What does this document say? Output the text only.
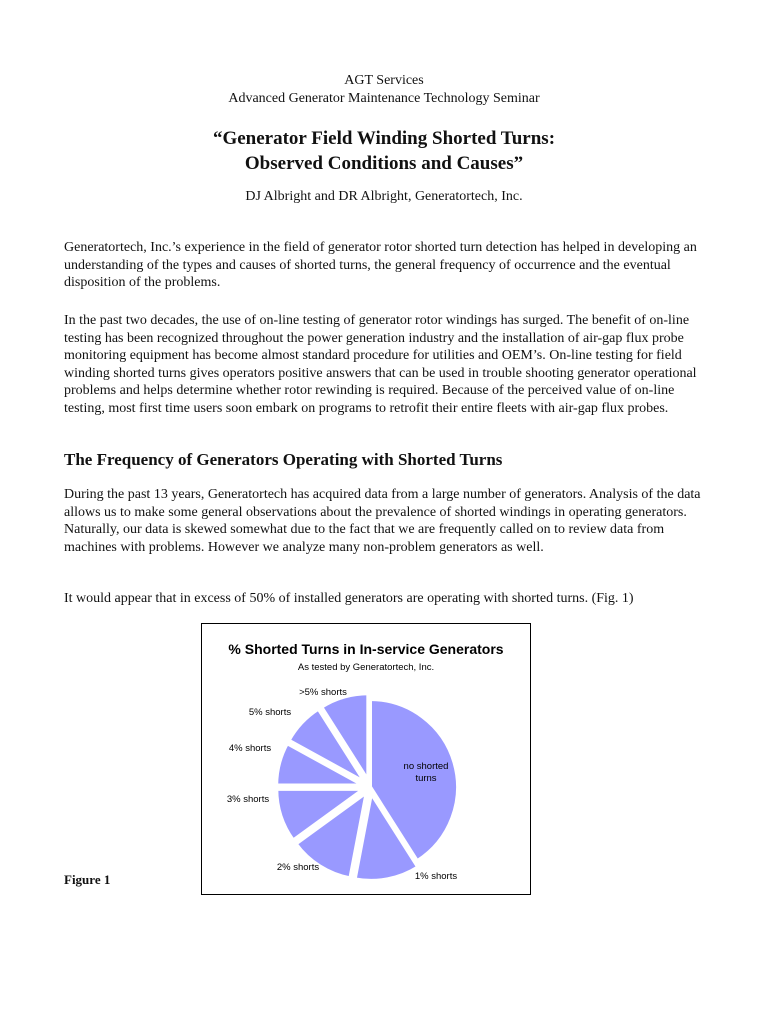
AGT Services
Advanced Generator Maintenance Technology Seminar
“Generator Field Winding Shorted Turns:
Observed Conditions and Causes”
DJ Albright and DR Albright, Generatortech, Inc.
Generatortech, Inc.’s experience in the field of generator rotor shorted turn detection has helped in developing an understanding of the types and causes of shorted turns, the general frequency of occurrence and the eventual disposition of the problems.
In the past two decades, the use of on-line testing of generator rotor windings has surged. The benefit of on-line testing has been recognized throughout the power generation industry and the installation of air-gap flux probe monitoring equipment has become almost standard procedure for utilities and OEM’s. On-line testing for field winding shorted turns gives operators positive answers that can be used in trouble shooting generator operational problems and helps determine whether rotor rewinding is required. Because of the perceived value of on-line testing, most first time users soon embark on programs to retrofit their entire fleets with air-gap flux probes.
The Frequency of Generators Operating with Shorted Turns
During the past 13 years, Generatortech has acquired data from a large number of generators. Analysis of the data allows us to make some general observations about the prevalence of shorted windings in operating generators. Naturally, our data is skewed somewhat due to the fact that we are frequently called on to review data from machines with problems. However we analyze many non-problem generators as well.
It would appear that in excess of 50% of installed generators are operating with shorted turns. (Fig. 1)
% Shorted Turns in In-service Generators
As tested by Generatortech, Inc.
no shorted turns
1% shorts
2% shorts
3% shorts
4% shorts
5% shorts
>5% shorts
Figure 1
